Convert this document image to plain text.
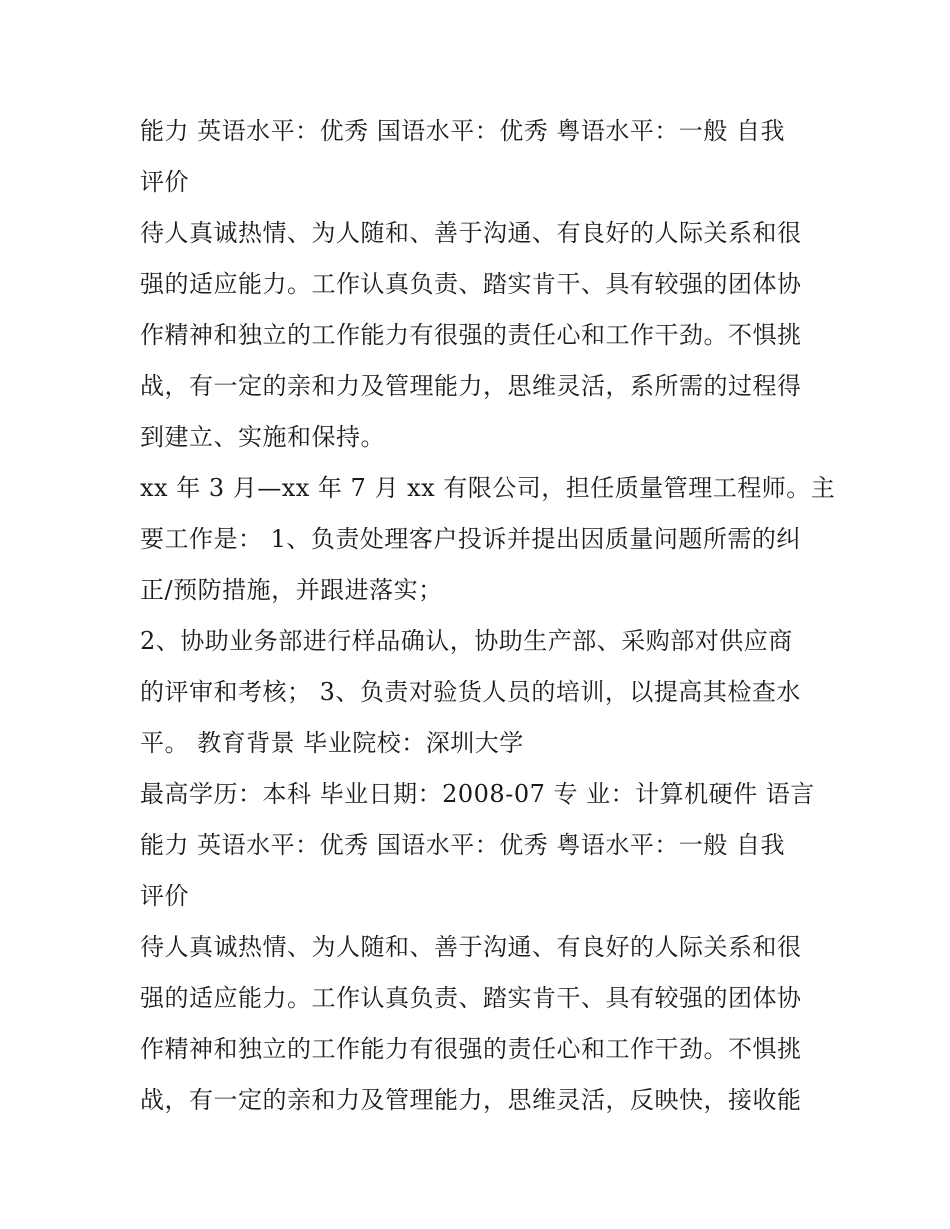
能力 英语水平：优秀 国语水平：优秀 粤语水平：一般 自我
评价
待人真诚热情、为人随和、善于沟通、有良好的人际关系和很
强的适应能力。工作认真负责、踏实肯干、具有较强的团体协
作精神和独立的工作能力有很强的责任心和工作干劲。不惧挑
战，有一定的亲和力及管理能力，思维灵活，系所需的过程得
到建立、实施和保持。
xx 年 3 月—xx 年 7 月 xx 有限公司，担任质量管理工程师。主
要工作是： 1、负责处理客户投诉并提出因质量问题所需的纠
正/预防措施，并跟进落实；
2、协助业务部进行样品确认，协助生产部、采购部对供应商
的评审和考核； 3、负责对验货人员的培训，以提高其检查水
平。 教育背景 毕业院校：深圳大学
最高学历：本科 毕业日期：2008-07 专 业：计算机硬件 语言
能力 英语水平：优秀 国语水平：优秀 粤语水平：一般 自我
评价
待人真诚热情、为人随和、善于沟通、有良好的人际关系和很
强的适应能力。工作认真负责、踏实肯干、具有较强的团体协
作精神和独立的工作能力有很强的责任心和工作干劲。不惧挑
战，有一定的亲和力及管理能力，思维灵活，反映快，接收能
